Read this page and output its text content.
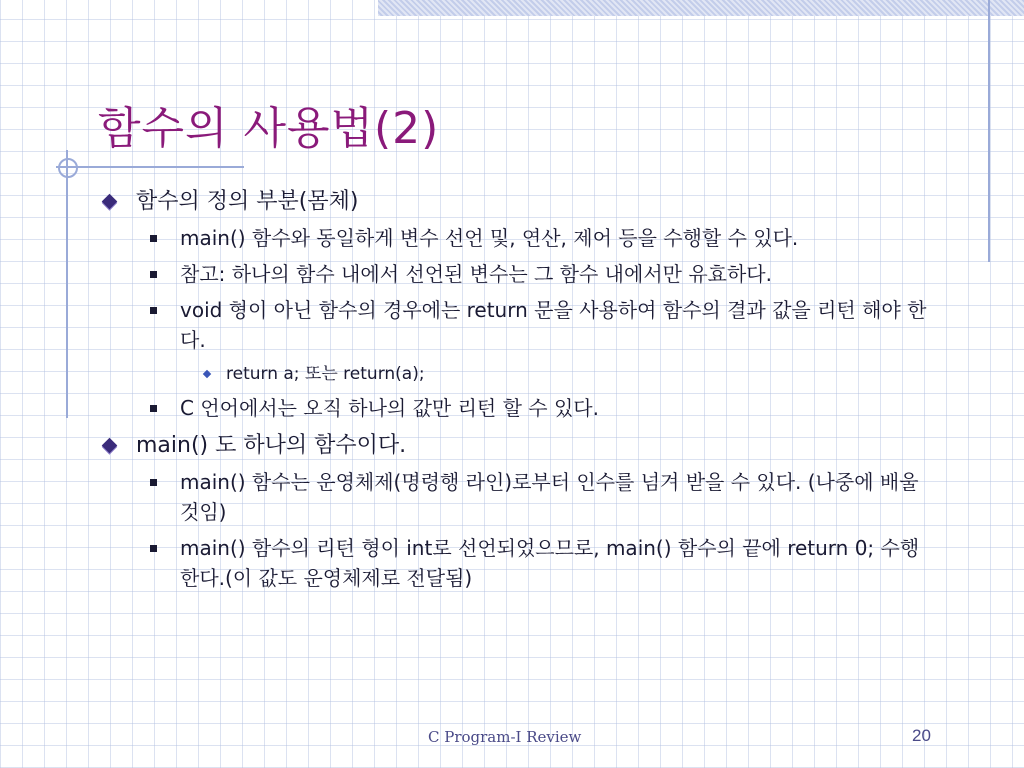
함수의 사용법(2)
함수의 정의 부분(몸체)
main() 함수와 동일하게 변수 선언 및, 연산, 제어 등을 수행할 수 있다.
참고: 하나의 함수 내에서 선언된 변수는 그 함수 내에서만 유효하다.
void 형이 아닌 함수의 경우에는 return 문을 사용하여 함수의 결과 값을 리턴 해야 한다.
return a; 또는 return(a);
C 언어에서는 오직 하나의 값만 리턴 할 수 있다.
main() 도 하나의 함수이다.
main() 함수는 운영체제(명령행 라인)로부터 인수를 넘겨 받을 수 있다. (나중에 배울 것임)
main() 함수의 리턴 형이 int로 선언되었으므로, main() 함수의 끝에 return 0; 수행한다.(이 값도 운영체제로 전달됨)
C Program-I Review	20
